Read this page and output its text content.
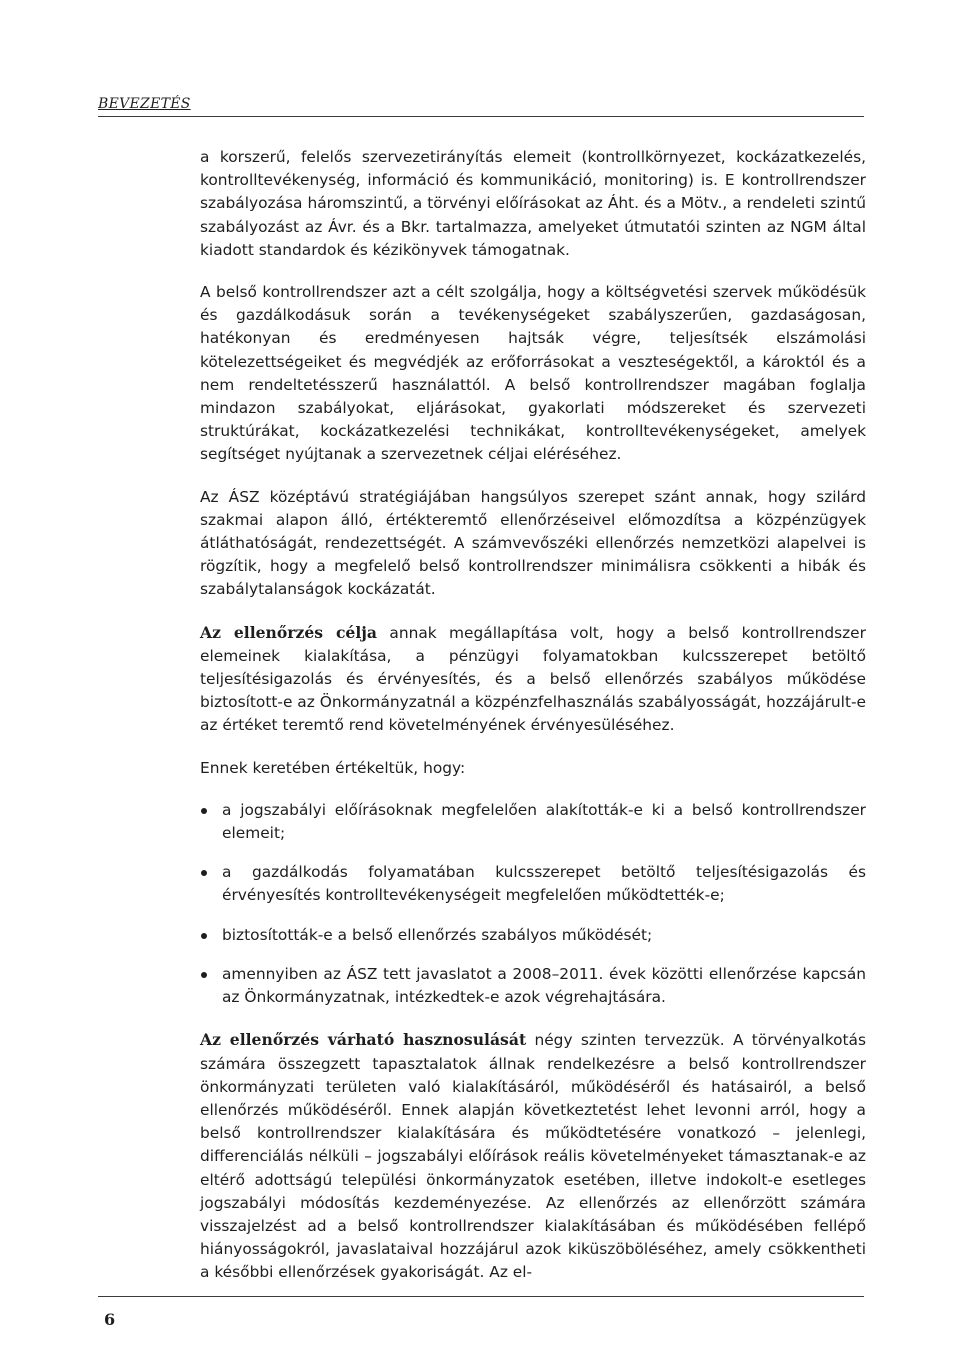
BEVEZETÉS

a korszerű, felelős szervezetirányítás elemeit (kontrollkörnyezet, kockázatkezelés, kontrolltevékenység, információ és kommunikáció, monitoring) is. E kontrollrendszer szabályozása háromszintű, a törvényi előírásokat az Áht. és a Mötv., a rendeleti szintű szabályozást az Ávr. és a Bkr. tartalmazza, amelyeket útmutatói szinten az NGM által kiadott standardok és kézikönyvek támogatnak.

A belső kontrollrendszer azt a célt szolgálja, hogy a költségvetési szervek működésük és gazdálkodásuk során a tevékenységeket szabályszerűen, gazdaságosan, hatékonyan és eredményesen hajtsák végre, teljesítsék elszámolási kötelezettségeiket és megvédjék az erőforrásokat a veszteségektől, a károktól és a nem rendeltetésszerű használattól. A belső kontrollrendszer magában foglalja mindazon szabályokat, eljárásokat, gyakorlati módszereket és szervezeti struktúrákat, kockázatkezelési technikákat, kontrolltevékenységeket, amelyek segítséget nyújtanak a szervezetnek céljai eléréséhez.

Az ÁSZ középtávú stratégiájában hangsúlyos szerepet szánt annak, hogy szilárd szakmai alapon álló, értékteremtő ellenőrzéseivel előmozdítsa a közpénzügyek átláthatóságát, rendezettségét. A számvevőszéki ellenőrzés nemzetközi alapelvei is rögzítik, hogy a megfelelő belső kontrollrendszer minimálisra csökkenti a hibák és szabálytalanságok kockázatát.

Az ellenőrzés célja annak megállapítása volt, hogy a belső kontrollrendszer elemeinek kialakítása, a pénzügyi folyamatokban kulcsszerepet betöltő teljesítésigazolás és érvényesítés, és a belső ellenőrzés szabályos működése biztosított-e az Önkormányzatnál a közpénzfelhasználás szabályosságát, hozzájárult-e az értéket teremtő rend követelményének érvényesüléséhez.

Ennek keretében értékeltük, hogy:

a jogszabályi előírásoknak megfelelően alakították-e ki a belső kontrollrendszer elemeit;
a gazdálkodás folyamatában kulcsszerepet betöltő teljesítésigazolás és érvényesítés kontrolltevékenységeit megfelelően működtették-e;
biztosították-e a belső ellenőrzés szabályos működését;
amennyiben az ÁSZ tett javaslatot a 2008–2011. évek közötti ellenőrzése kapcsán az Önkormányzatnak, intézkedtek-e azok végrehajtására.

Az ellenőrzés várható hasznosulását négy szinten tervezzük. A törvényalkotás számára összegzett tapasztalatok állnak rendelkezésre a belső kontrollrendszer önkormányzati területen való kialakításáról, működéséről és hatásairól, a belső ellenőrzés működéséről. Ennek alapján következtetést lehet levonni arról, hogy a belső kontrollrendszer kialakítására és működtetésére vonatkozó – jelenlegi, differenciálás nélküli – jogszabályi előírások reális követelményeket támasztanak-e az eltérő adottságú települési önkormányzatok esetében, illetve indokolt-e esetleges jogszabályi módosítás kezdeményezése. Az ellenőrzés az ellenőrzött számára visszajelzést ad a belső kontrollrendszer kialakításában és működésében fellépő hiányosságokról, javaslataival hozzájárul azok kiküszöböléséhez, amely csökkentheti a későbbi ellenőrzések gyakoriságát. Az el-

6
